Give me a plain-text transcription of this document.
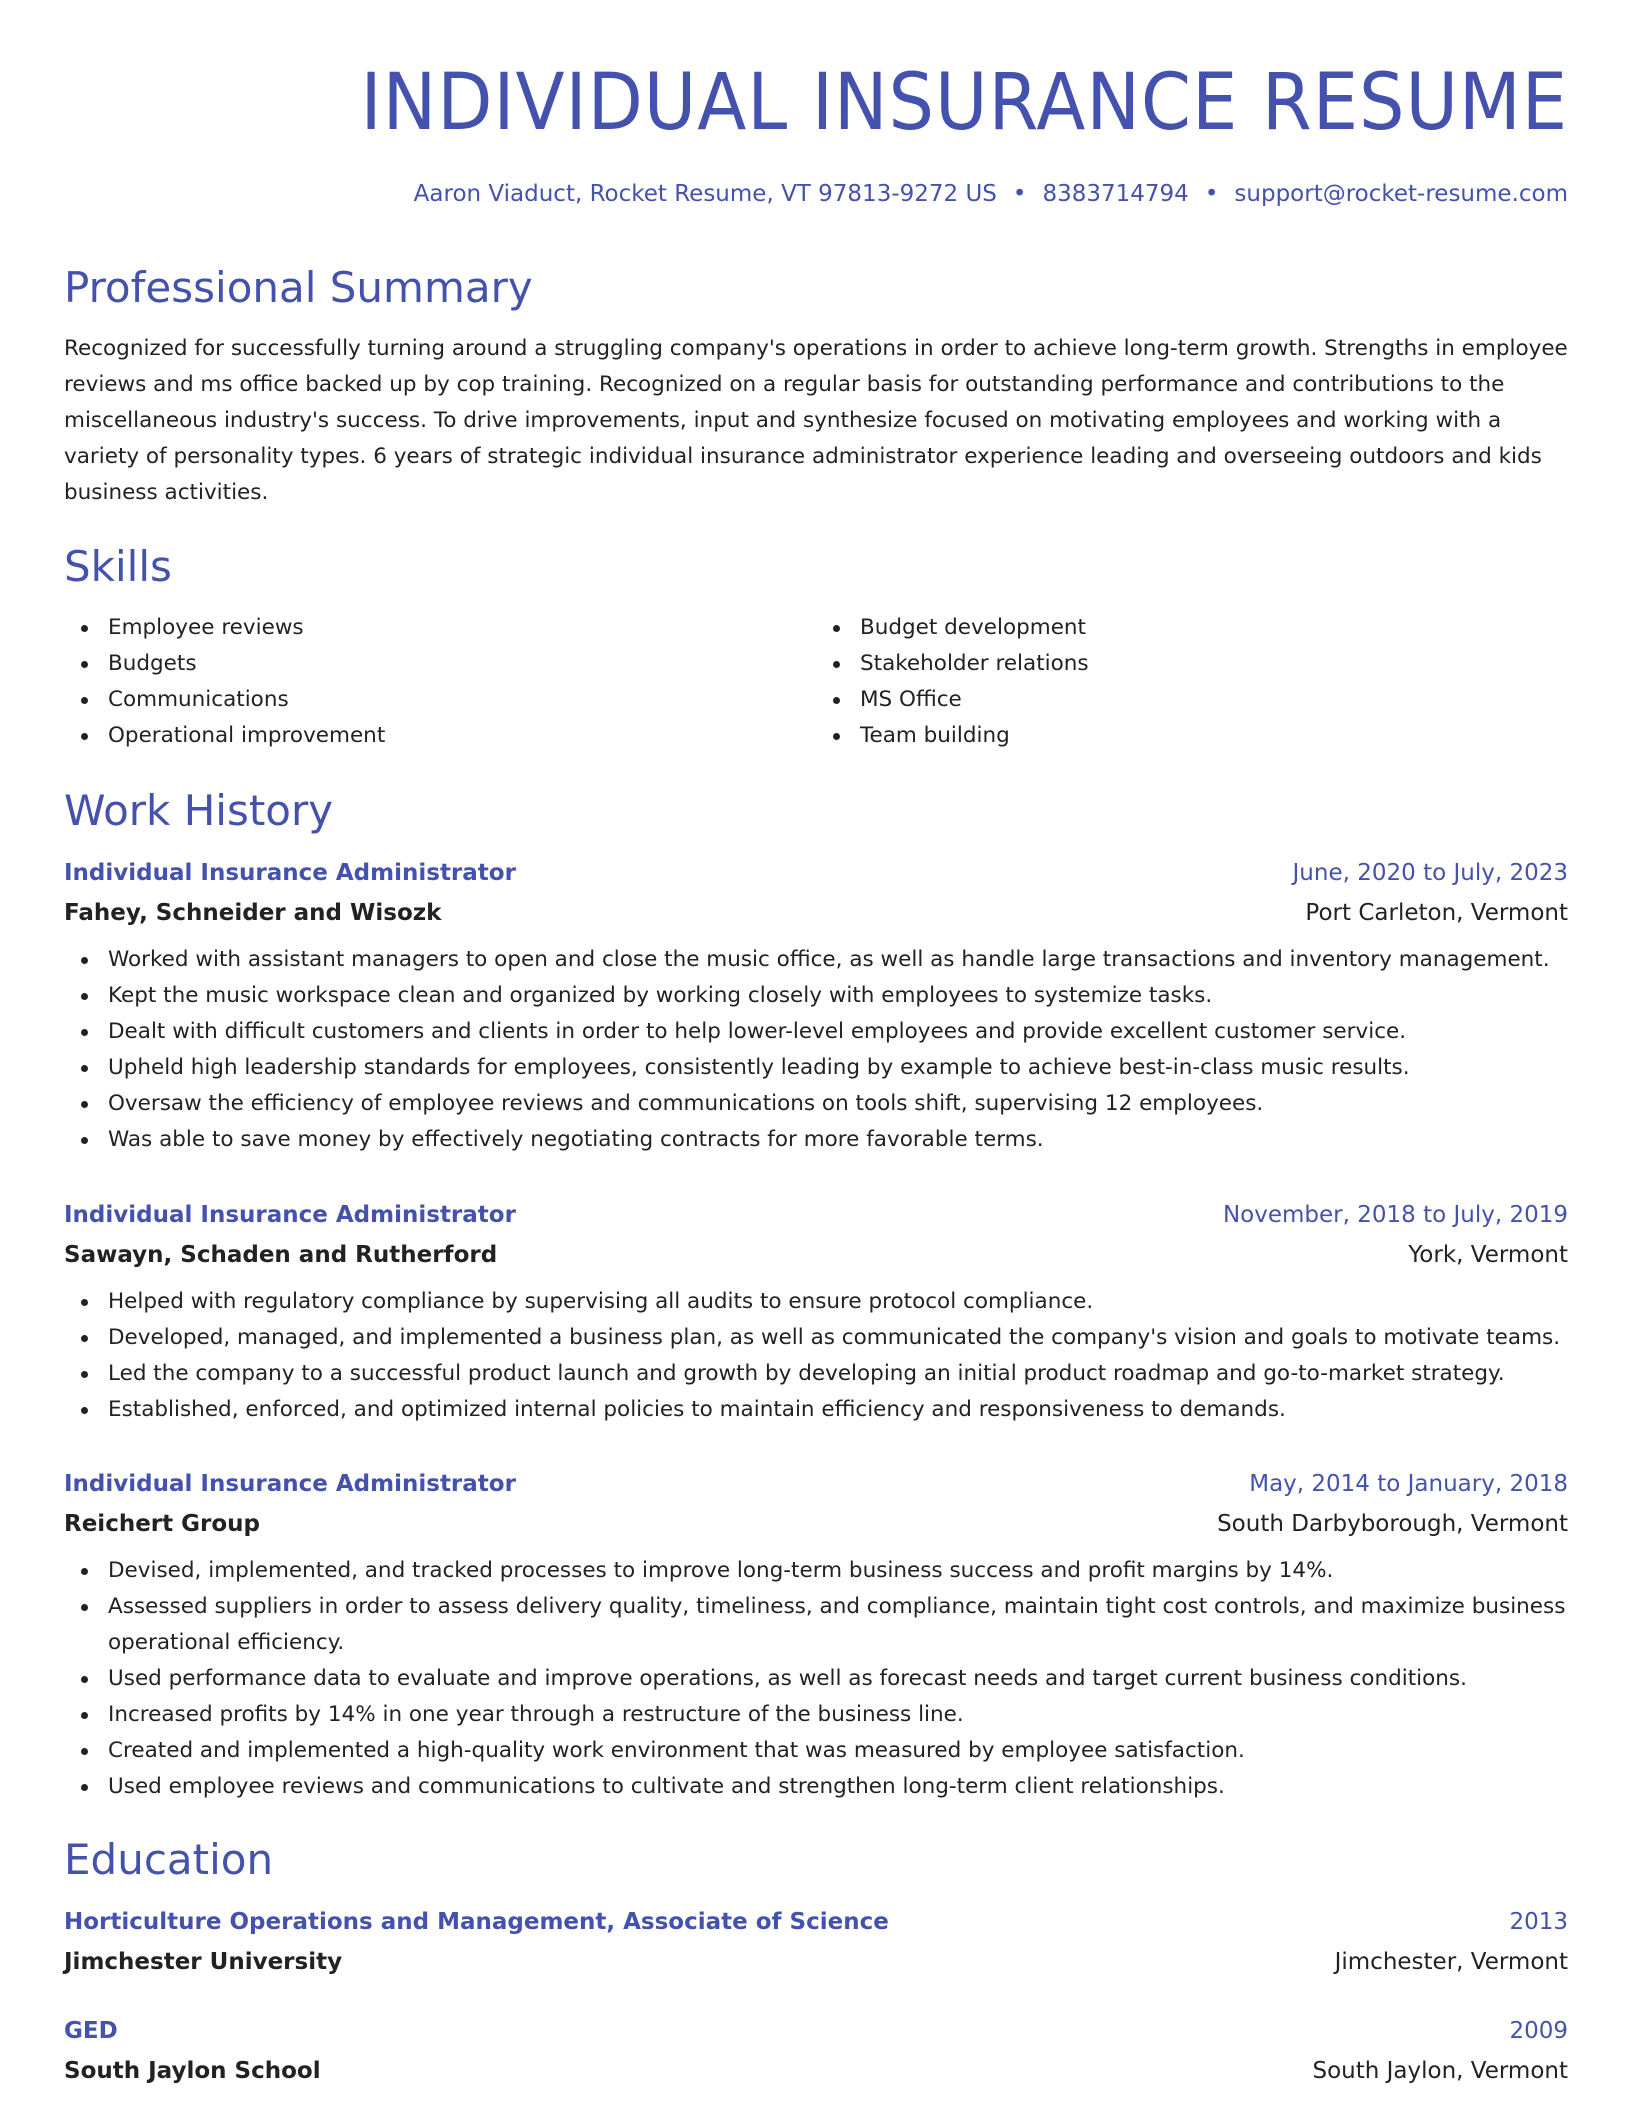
INDIVIDUAL INSURANCE RESUME

Aaron Viaduct, Rocket Resume, VT 97813-9272 US • 8383714794 • support@rocket-resume.com

Professional Summary

Recognized for successfully turning around a struggling company's operations in order to achieve long-term growth. Strengths in employee reviews and ms office backed up by cop training. Recognized on a regular basis for outstanding performance and contributions to the miscellaneous industry's success. To drive improvements, input and synthesize focused on motivating employees and working with a variety of personality types. 6 years of strategic individual insurance administrator experience leading and overseeing outdoors and kids business activities.

Skills
Employee reviews
Budgets
Communications
Operational improvement
Budget development
Stakeholder relations
MS Office
Team building
Work History
Individual Insurance Administrator	June, 2020 to July, 2023
Fahey, Schneider and Wisozk	Port Carleton, Vermont
Worked with assistant managers to open and close the music office, as well as handle large transactions and inventory management.
Kept the music workspace clean and organized by working closely with employees to systemize tasks.
Dealt with difficult customers and clients in order to help lower-level employees and provide excellent customer service.
Upheld high leadership standards for employees, consistently leading by example to achieve best-in-class music results.
Oversaw the efficiency of employee reviews and communications on tools shift, supervising 12 employees.
Was able to save money by effectively negotiating contracts for more favorable terms.
Individual Insurance Administrator	November, 2018 to July, 2019
Sawayn, Schaden and Rutherford	York, Vermont
Helped with regulatory compliance by supervising all audits to ensure protocol compliance.
Developed, managed, and implemented a business plan, as well as communicated the company's vision and goals to motivate teams.
Led the company to a successful product launch and growth by developing an initial product roadmap and go-to-market strategy.
Established, enforced, and optimized internal policies to maintain efficiency and responsiveness to demands.
Individual Insurance Administrator	May, 2014 to January, 2018
Reichert Group	South Darbyborough, Vermont
Devised, implemented, and tracked processes to improve long-term business success and profit margins by 14%.
Assessed suppliers in order to assess delivery quality, timeliness, and compliance, maintain tight cost controls, and maximize business operational efficiency.
Used performance data to evaluate and improve operations, as well as forecast needs and target current business conditions.
Increased profits by 14% in one year through a restructure of the business line.
Created and implemented a high-quality work environment that was measured by employee satisfaction.
Used employee reviews and communications to cultivate and strengthen long-term client relationships.
Education
Horticulture Operations and Management, Associate of Science	2013
Jimchester University	Jimchester, Vermont
GED	2009
South Jaylon School	South Jaylon, Vermont
